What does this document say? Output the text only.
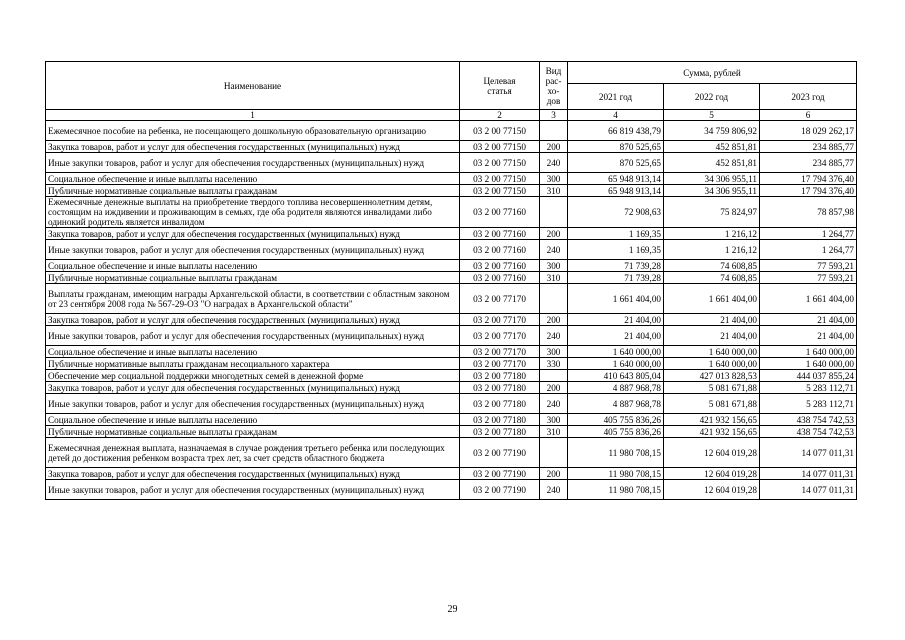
Наименование	Целевая статья	Вид рас- хо- дов	Сумма, рублей		
			2021 год	2022 год	2023 год
1	2	3	4	5	6

Ежемесячное пособие на ребенка, не посещающего дошкольную образовательную организацию	03 2 00 77150		66 819 438,79	34 759 806,92	18 029 262,17

Закупка товаров, работ и услуг для обеспечения государственных (муниципальных) нужд	03 2 00 77150	200	870 525,65	452 851,81	234 885,77

Иные закупки товаров, работ и услуг для обеспечения государственных (муниципальных) нужд	03 2 00 77150	240	870 525,65	452 851,81	234 885,77

Социальное обеспечение и иные выплаты населению	03 2 00 77150	300	65 948 913,14	34 306 955,11	17 794 376,40

Публичные нормативные социальные выплаты гражданам	03 2 00 77150	310	65 948 913,14	34 306 955,11	17 794 376,40

Ежемесячные денежные выплаты на приобретение твердого топлива несовершеннолетним детям, состоящим на иждивении и проживающим в семьях, где оба родителя являются инвалидами либо одинокий родитель является инвалидом	03 2 00 77160		72 908,63	75 824,97	78 857,98

Закупка товаров, работ и услуг для обеспечения государственных (муниципальных) нужд	03 2 00 77160	200	1 169,35	1 216,12	1 264,77

Иные закупки товаров, работ и услуг для обеспечения государственных (муниципальных) нужд	03 2 00 77160	240	1 169,35	1 216,12	1 264,77

Социальное обеспечение и иные выплаты населению	03 2 00 77160	300	71 739,28	74 608,85	77 593,21

Публичные нормативные социальные выплаты гражданам	03 2 00 77160	310	71 739,28	74 608,85	77 593,21

Выплаты гражданам, имеющим награды Архангельской области, в соответствии с областным законом от 23 сентября 2008 года № 567-29-ОЗ "О наградах в Архангельской области"	03 2 00 77170		1 661 404,00	1 661 404,00	1 661 404,00

Закупка товаров, работ и услуг для обеспечения государственных (муниципальных) нужд	03 2 00 77170	200	21 404,00	21 404,00	21 404,00

Иные закупки товаров, работ и услуг для обеспечения государственных (муниципальных) нужд	03 2 00 77170	240	21 404,00	21 404,00	21 404,00

Социальное обеспечение и иные выплаты населению	03 2 00 77170	300	1 640 000,00	1 640 000,00	1 640 000,00

Публичные нормативные выплаты гражданам несоциального характера	03 2 00 77170	330	1 640 000,00	1 640 000,00	1 640 000,00

Обеспечение мер социальной поддержки многодетных семей в денежной форме	03 2 00 77180		410 643 805,04	427 013 828,53	444 037 855,24

Закупка товаров, работ и услуг для обеспечения государственных (муниципальных) нужд	03 2 00 77180	200	4 887 968,78	5 081 671,88	5 283 112,71

Иные закупки товаров, работ и услуг для обеспечения государственных (муниципальных) нужд	03 2 00 77180	240	4 887 968,78	5 081 671,88	5 283 112,71

Социальное обеспечение и иные выплаты населению	03 2 00 77180	300	405 755 836,26	421 932 156,65	438 754 742,53

Публичные нормативные социальные выплаты гражданам	03 2 00 77180	310	405 755 836,26	421 932 156,65	438 754 742,53

Ежемесячная денежная выплата, назначаемая в случае рождения третьего ребенка или последующих детей до достижения ребенком возраста трех лет, за счет средств областного бюджета	03 2 00 77190		11 980 708,15	12 604 019,28	14 077 011,31

Закупка товаров, работ и услуг для обеспечения государственных (муниципальных) нужд	03 2 00 77190	200	11 980 708,15	12 604 019,28	14 077 011,31

Иные закупки товаров, работ и услуг для обеспечения государственных (муниципальных) нужд	03 2 00 77190	240	11 980 708,15	12 604 019,28	14 077 011,31
29
